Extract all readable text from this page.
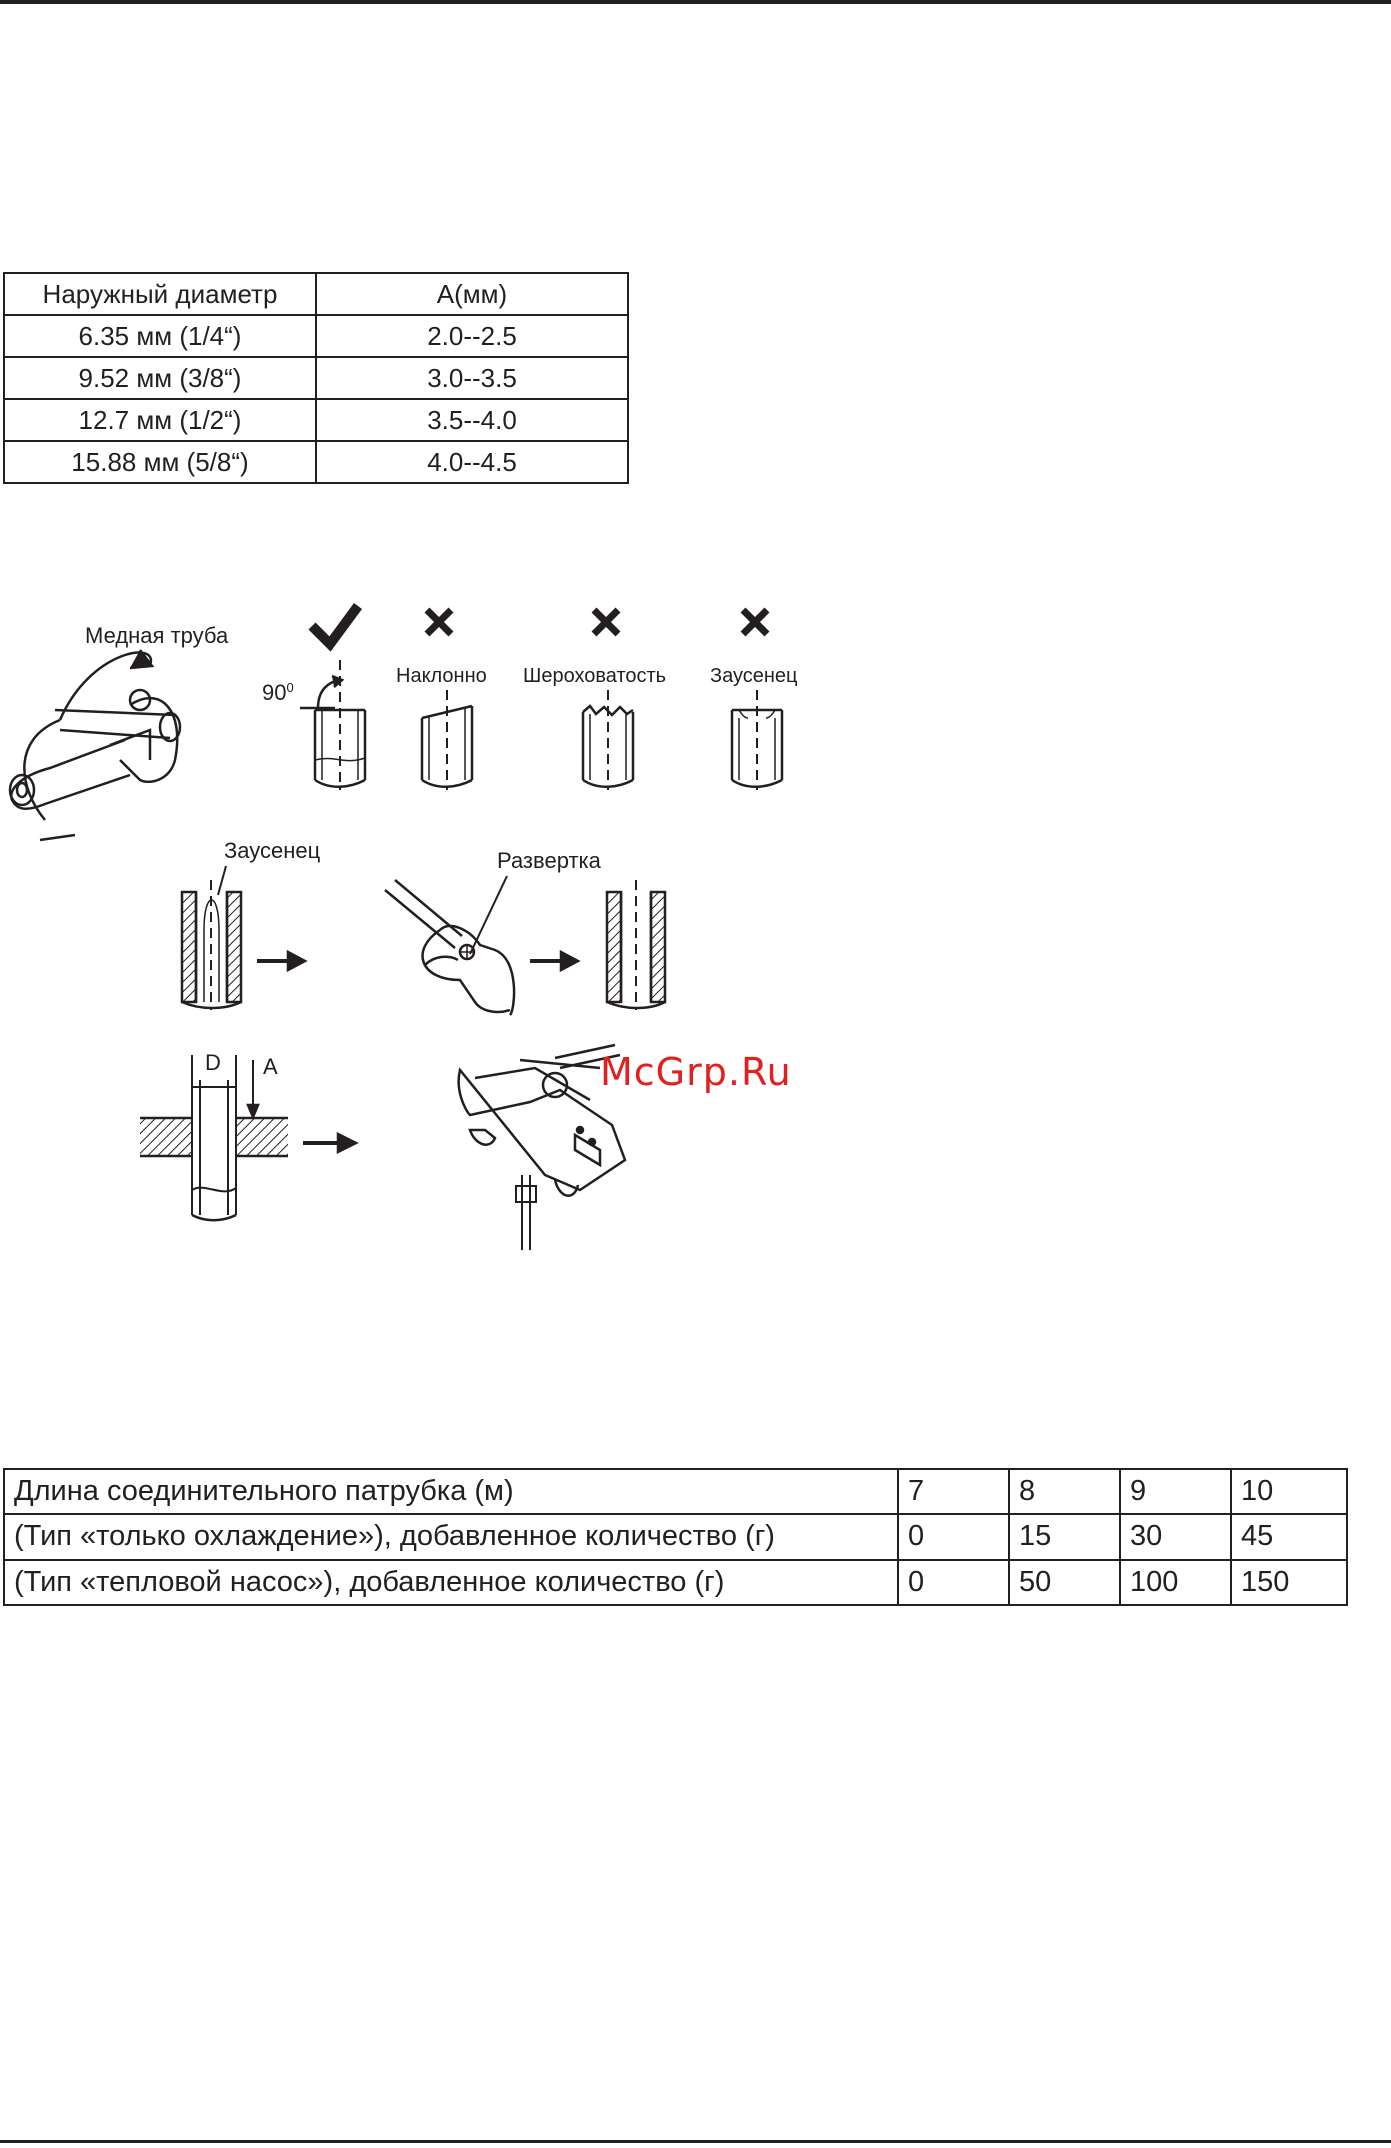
Наружный диаметр	A(мм)
6.35 мм (1/4“)	2.0--2.5
9.52 мм (3/8“)	3.0--3.5
12.7 мм (1/2“)	3.5--4.0
15.88 мм (5/8“)	4.0--4.5
Медная труба
$90^0$
Наклонно Шероховатость Заусенец
Заусенец	Развертка
D A	McGrp.Ru
Длина соединительного патрубка (м)	7	8	9	10
(Тип «только охлаждение»), добавленное количество (г)	0	15	30	45
(Тип «тепловой насос»), добавленное количество (г)	0	50	100	150
